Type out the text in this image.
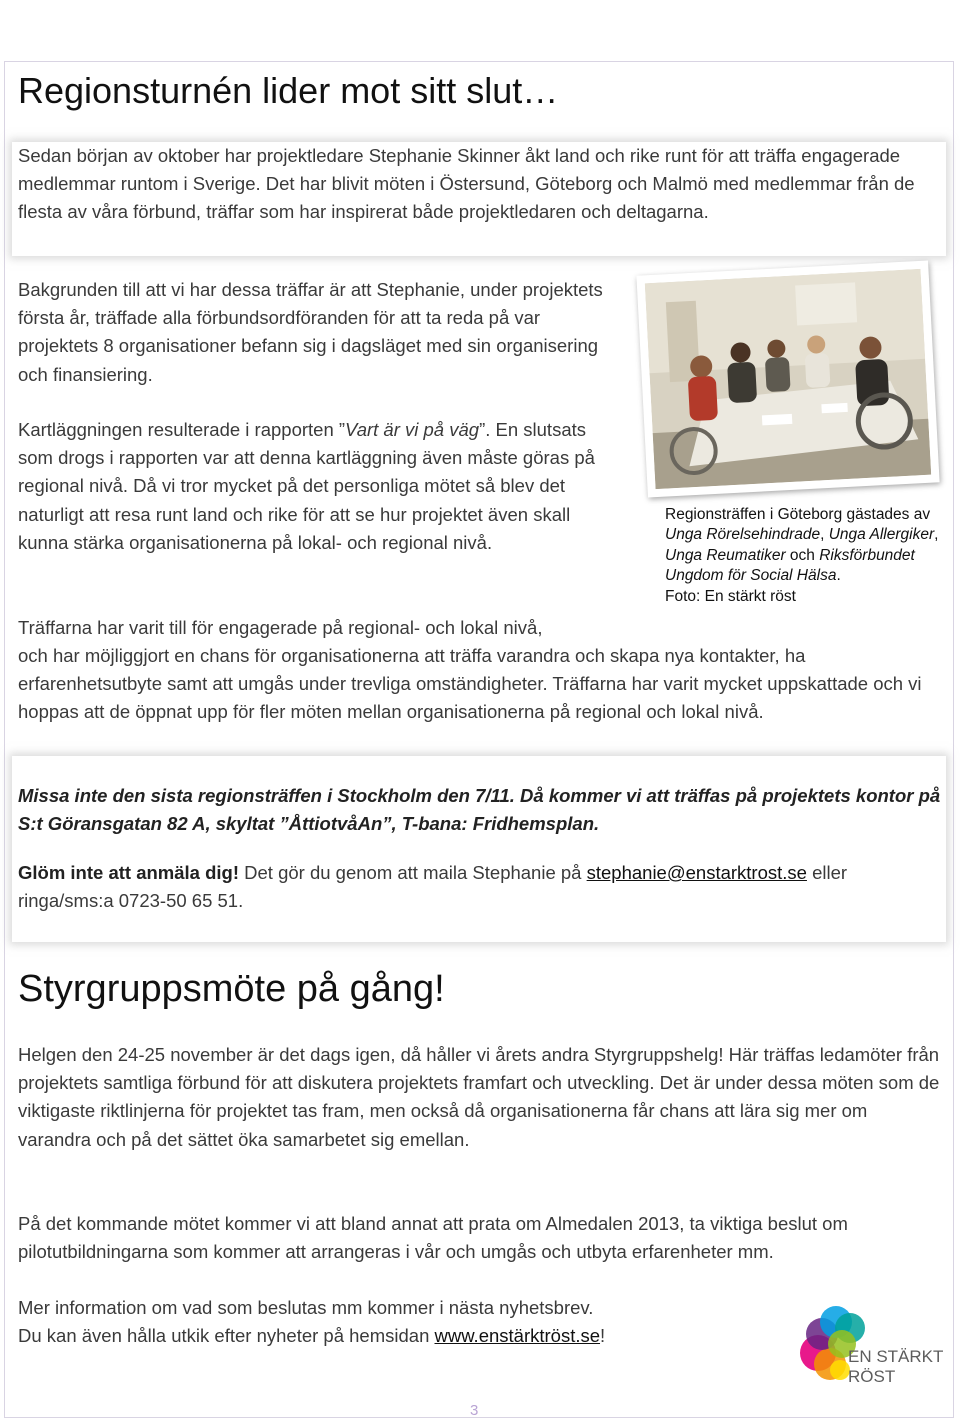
Regionsturnén lider mot sitt slut…

Sedan början av oktober har projektledare Stephanie Skinner åkt land och rike runt för att träffa engagerade medlemmar runtom i Sverige. Det har blivit möten i Östersund, Göteborg och Malmö med medlemmar från de flesta av våra förbund, träffar som har inspirerat både projektledaren och deltagarna.

Bakgrunden till att vi har dessa träffar är att Stephanie, under projektets första år, träffade alla förbundsordföranden för att ta reda på var projektets 8 organisationer befann sig i dagsläget med sin organisering och finansiering.

Kartläggningen resulterade i rapporten ”Vart är vi på väg”. En slutsats som drogs i rapporten var att denna kartläggning även måste göras på regional nivå. Då vi tror mycket på det personliga mötet så blev det naturligt att resa runt land och rike för att se hur projektet även skall kunna stärka organisationerna på lokal- och regional nivå.

Regionsträffen i Göteborg gästades av Unga Rörelsehindrade, Unga Allergiker, Unga Reumatiker och Riksförbundet Ungdom för Social Hälsa.
Foto: En stärkt röst

Träffarna har varit till för engagerade på regional- och lokal nivå,

och har möjliggjort en chans för organisationerna att träffa varandra och skapa nya kontakter, ha erfarenhetsutbyte samt att umgås under trevliga omständigheter. Träffarna har varit mycket uppskattade och vi hoppas att de öppnat upp för fler möten mellan organisationerna på regional och lokal nivå.

Missa inte den sista regionsträffen i Stockholm den 7/11. Då kommer vi att träffas på projektets kontor på S:t Göransgatan 82 A, skyltat ”ÅttiotvåAn”, T-bana: Fridhemsplan.

Glöm inte att anmäla dig! Det gör du genom att maila Stephanie på stephanie@enstarktrost.se eller ringa/sms:a 0723-50 65 51.

Styrgruppsmöte på gång!

Helgen den 24-25 november är det dags igen, då håller vi årets andra Styrgruppshelg! Här träffas ledamöter från projektets samtliga förbund för att diskutera projektets framfart och utveckling. Det är under dessa möten som de viktigaste riktlinjerna för projektet tas fram, men också då organisationerna får chans att lära sig mer om varandra och på det sättet öka samarbetet sig emellan.

På det kommande mötet kommer vi att bland annat att prata om Almedalen 2013, ta viktiga beslut om pilotutbildningarna som kommer att arrangeras i vår och umgås och utbyta erfarenheter mm.

Mer information om vad som beslutas mm kommer i nästa nyhetsbrev.
Du kan även hålla utkik efter nyheter på hemsidan www.enstärktröst.se!

EN STÄRKT
RÖST
3
